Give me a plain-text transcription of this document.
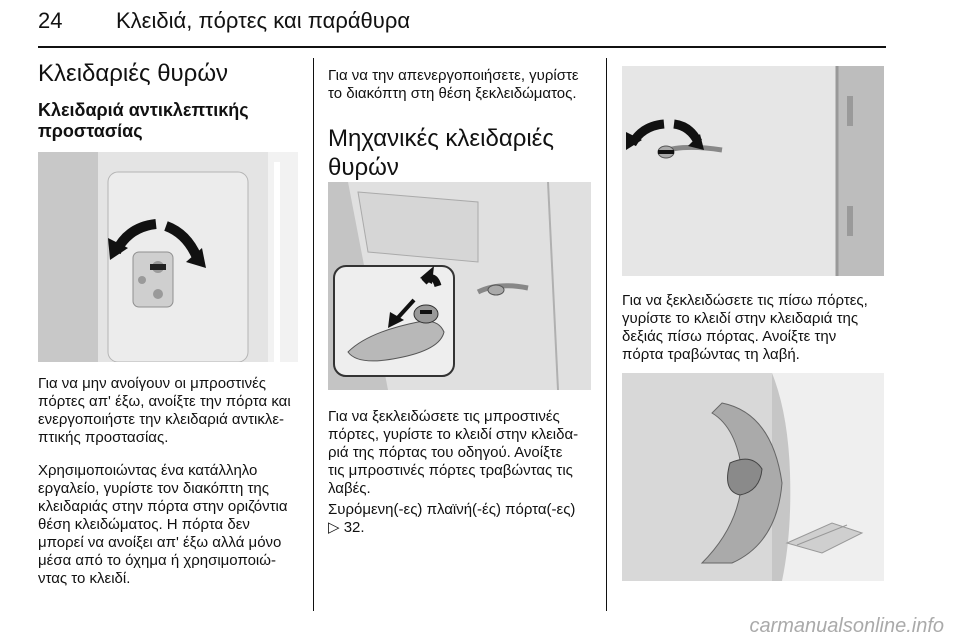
24 Κλειδιά, πόρτες και παράθυρα
Κλειδαριές θυρών
Κλειδαριά αντικλεπτικής
προστασίας

Για να μην ανοίγουν οι μπροστινές

πόρτες απ' έξω, ανοίξτε την πόρτα και

ενεργοποιήστε την κλειδαριά αντικλε-

πτικής προστασίας.

Χρησιμοποιώντας ένα κατάλληλο

εργαλείο, γυρίστε τον διακόπτη της

κλειδαριάς στην πόρτα στην οριζόντια

θέση κλειδώματος. Η πόρτα δεν

μπορεί να ανοίξει απ' έξω αλλά μόνο

μέσα από το όχημα ή χρησιμοποιώ-

ντας το κλειδί.

Για να την απενεργοποιήσετε, γυρίστε

το διακόπτη στη θέση ξεκλειδώματος.

Μηχανικές κλειδαριές
θυρών

Για να ξεκλειδώσετε τις μπροστινές

πόρτες, γυρίστε το κλειδί στην κλειδα-

ριά της πόρτας του οδηγού. Ανοίξτε

τις μπροστινές πόρτες τραβώντας τις

λαβές.

Συρόμενη(-ες) πλαϊνή(-ές) πόρτα(-ες)

▷ 32.

Για να ξεκλειδώσετε τις πίσω πόρτες,

γυρίστε το κλειδί στην κλειδαριά της

δεξιάς πίσω πόρτας. Ανοίξτε την

πόρτα τραβώντας τη λαβή.

carmanualsonline.info
